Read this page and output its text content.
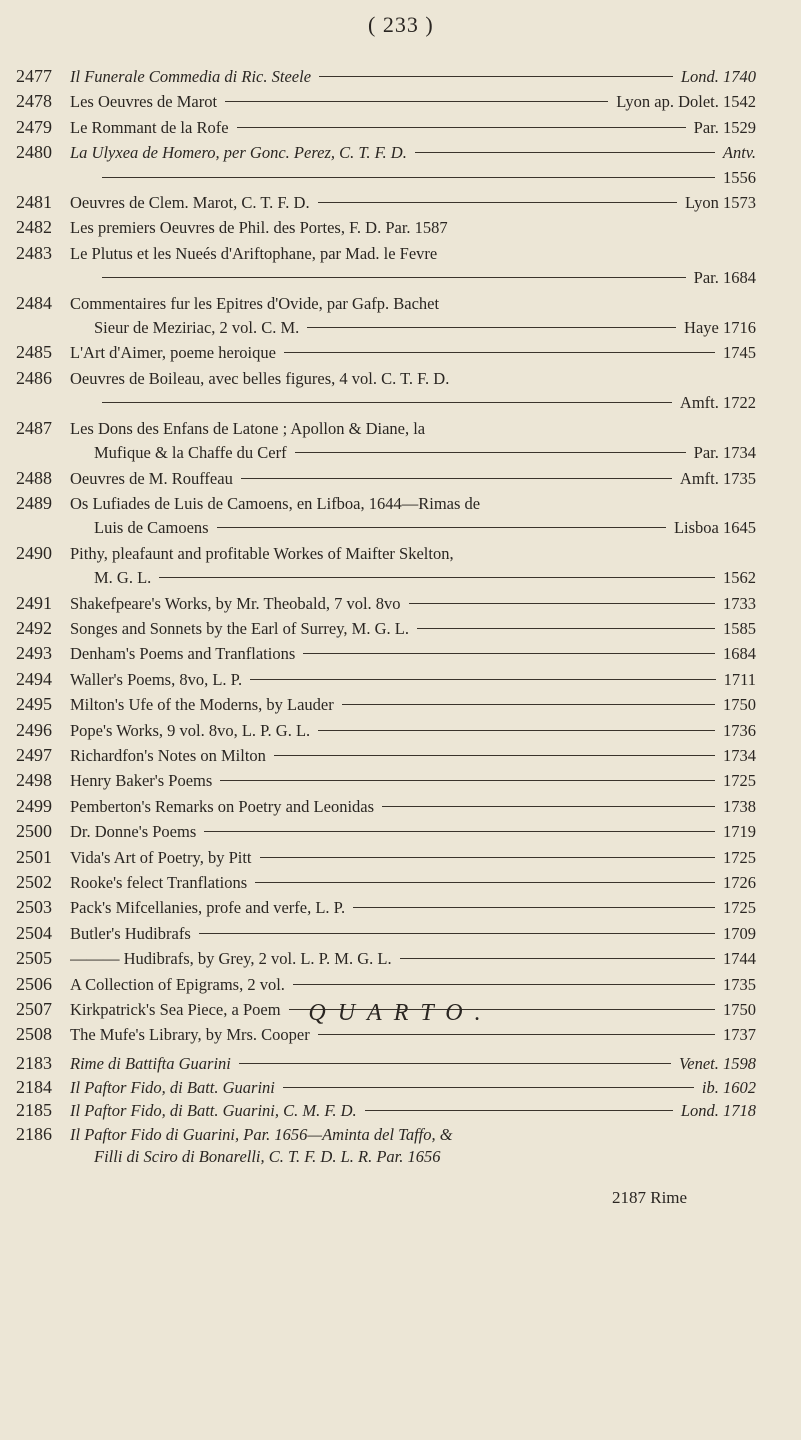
( 233 )
2477	Il Funerale Commedia di Ric. Steele	Lond. 1740
2478	Les Oeuvres de Marot	Lyon ap. Dolet. 1542
2479	Le Rommant de la Rofe	Par. 1529
2480	La Ulyxea de Homero, per Gonc. Perez, C. T. F. D.	Antv.
1556
2481	Oeuvres de Clem. Marot, C. T. F. D.	Lyon 1573
2482	Les premiers Oeuvres de Phil. des Portes, F. D. Par. 1587
2483	Le Plutus et les Nueés d'Ariftophane, par Mad. le Fevre
Par. 1684
2484	Commentaires fur les Epitres d'Ovide, par Gafp. Bachet
Sieur de Meziriac, 2 vol. C. M.	Haye 1716
2485	L'Art d'Aimer, poeme heroique	1745
2486	Oeuvres de Boileau, avec belles figures, 4 vol. C. T. F. D.
Amft. 1722
2487	Les Dons des Enfans de Latone ; Apollon & Diane, la
Mufique & la Chaffe du Cerf	Par. 1734
2488	Oeuvres de M. Rouffeau	Amft. 1735
2489	Os Lufiades de Luis de Camoens, en Lifboa, 1644—Rimas de
Luis de Camoens	Lisboa 1645
2490	Pithy, pleafaunt and profitable Workes of Maifter Skelton,
M. G. L.	1562
2491	Shakefpeare's Works, by Mr. Theobald, 7 vol. 8vo	1733
2492	Songes and Sonnets by the Earl of Surrey, M. G. L.	1585
2493	Denham's Poems and Tranflations	1684
2494	Waller's Poems, 8vo, L. P.	1711
2495	Milton's Ufe of the Moderns, by Lauder	1750
2496	Pope's Works, 9 vol. 8vo, L. P. G. L.	1736
2497	Richardfon's Notes on Milton	1734
2498	Henry Baker's Poems	1725
2499	Pemberton's Remarks on Poetry and Leonidas	1738
2500	Dr. Donne's Poems	1719
2501	Vida's Art of Poetry, by Pitt	1725
2502	Rooke's felect Tranflations	1726
2503	Pack's Mifcellanies, profe and verfe, L. P.	1725
2504	Butler's Hudibrafs	1709
2505	——— Hudibrafs, by Grey, 2 vol. L. P. M. G. L.	1744
2506	A Collection of Epigrams, 2 vol.	1735
2507	Kirkpatrick's Sea Piece, a Poem	1750
2508	The Mufe's Library, by Mrs. Cooper	1737
QUARTO.
2183	Rime di Battifta Guarini	Venet. 1598
2184	Il Paftor Fido, di Batt. Guarini	ib. 1602
2185	Il Paftor Fido, di Batt. Guarini, C. M. F. D.	Lond. 1718
2186	Il Paftor Fido di Guarini, Par. 1656—Aminta del Taffo, &
Filli di Sciro di Bonarelli, C. T. F. D. L. R. Par. 1656
2187 Rime
